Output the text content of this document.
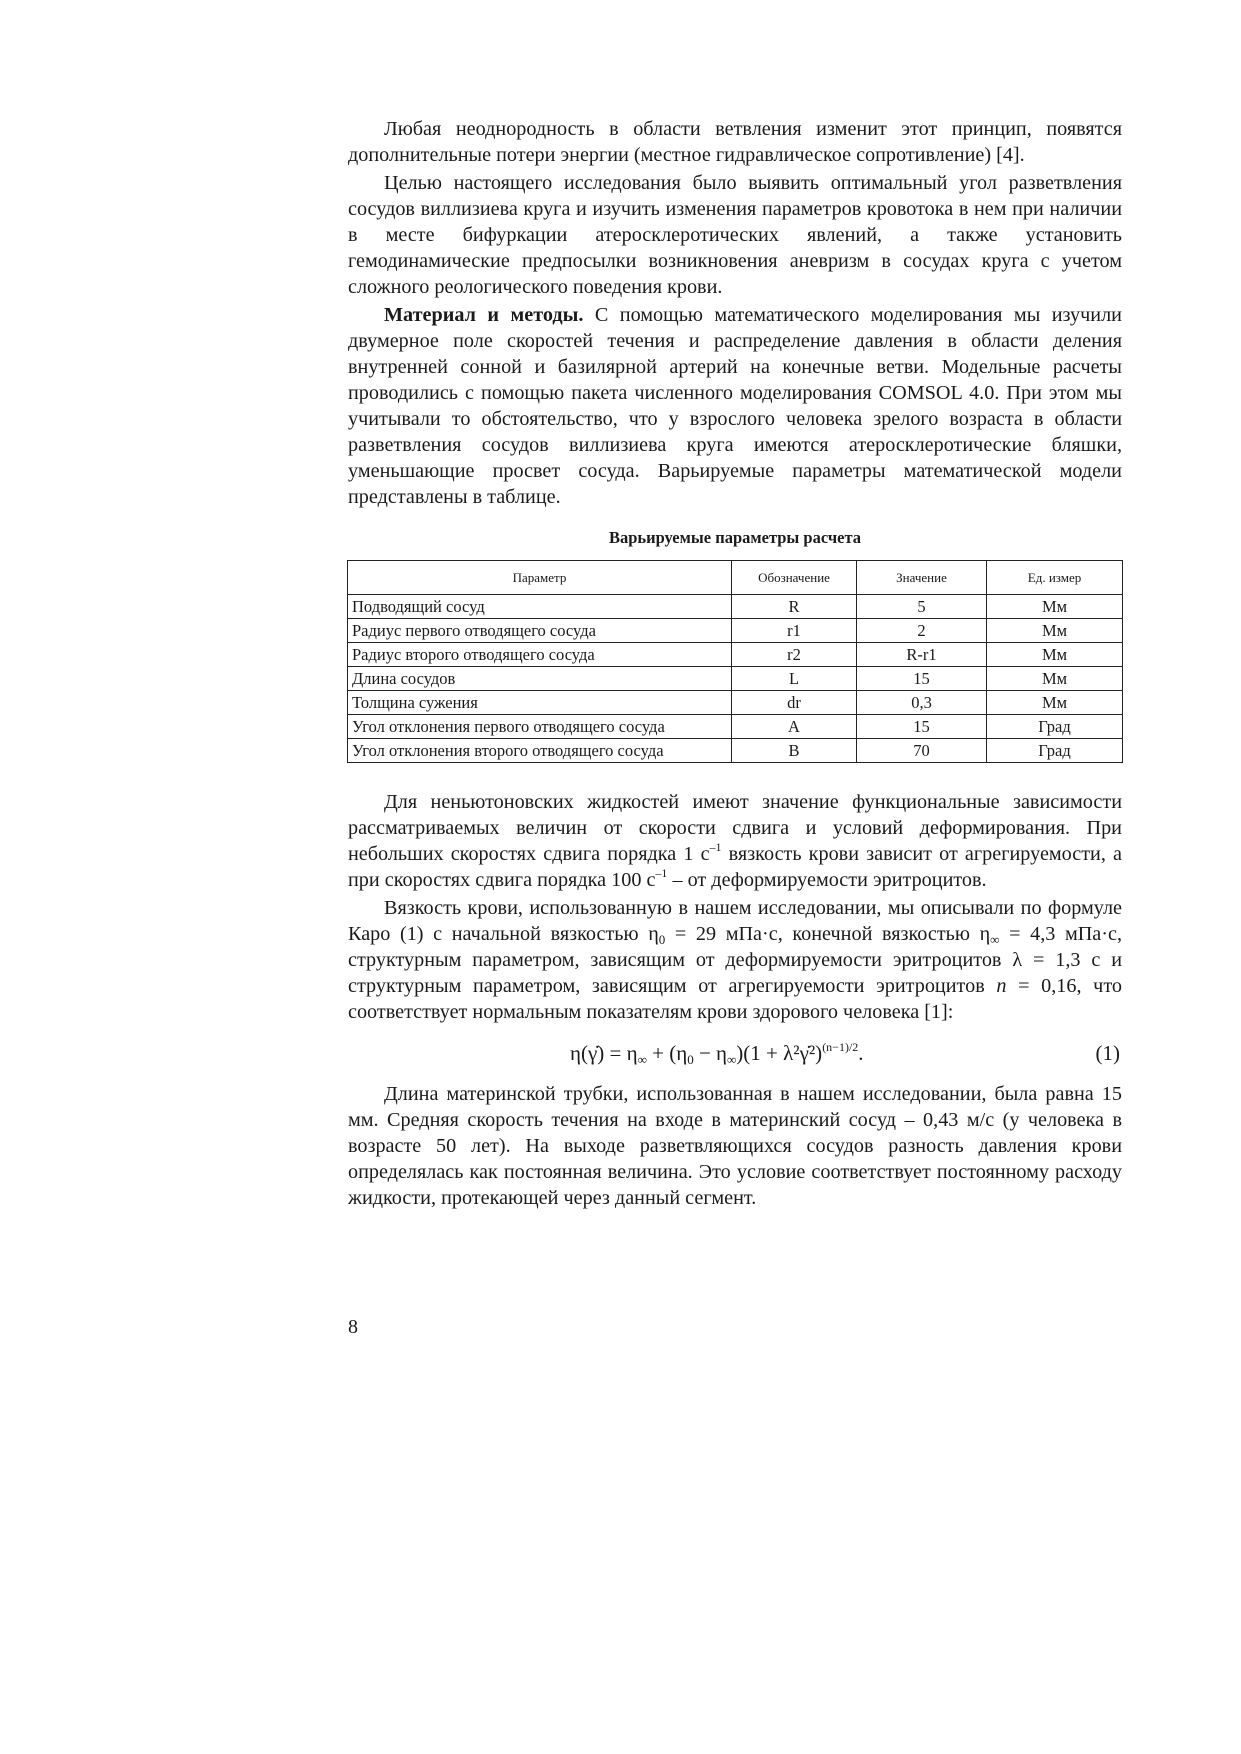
Любая неоднородность в области ветвления изменит этот принцип, появятся дополнительные потери энергии (местное гидравлическое сопротивление) [4].

Целью настоящего исследования было выявить оптимальный угол разветвления сосудов виллизиева круга и изучить изменения параметров кровотока в нем при наличии в месте бифуркации атеросклеротических явлений, а также установить гемодинамические предпосылки возникновения аневризм в сосудах круга с учетом сложного реологического поведения крови.

Материал и методы. С помощью математического моделирования мы изучили двумерное поле скоростей течения и распределение давления в области деления внутренней сонной и базилярной артерий на конечные ветви. Модельные расчеты проводились с помощью пакета численного моделирования COMSOL 4.0. При этом мы учитывали то обстоятельство, что у взрослого человека зрелого возраста в области разветвления сосудов виллизиева круга имеются атеросклеротические бляшки, уменьшающие просвет сосуда. Варьируемые параметры математической модели представлены в таблице.

Варьируемые параметры расчета
Параметр	Обозначение	Значение	Ед. измер
Подводящий сосуд	R	5	Мм
Радиус первого отводящего сосуда	r1	2	Мм
Радиус второго отводящего сосуда	r2	R-r1	Мм
Длина сосудов	L	15	Мм
Толщина сужения	dr	0,3	Мм
Угол отклонения первого отводящего сосуда	A	15	Град
Угол отклонения второго отводящего сосуда	B	70	Град

Для неньютоновских жидкостей имеют значение функциональные зависимости рассматриваемых величин от скорости сдвига и условий деформирования. При небольших скоростях сдвига порядка 1 $с^{-1}$ вязкость крови зависит от агрегируемости, а при скоростях сдвига порядка 100 $с^{-1}$ – от деформируемости эритроцитов.

Вязкость крови, использованную в нашем исследовании, мы описывали по формуле Каро (1) с начальной вязкостью $\eta_0 = 29$ мПа·с, конечной вязкостью $\eta_\infty = 4,3$ мПа·с, структурным параметром, зависящим от деформируемости эритроцитов λ = 1,3 с и структурным параметром, зависящим от агрегируемости эритроцитов n = 0,16, что соответствует нормальным показателям крови здорового человека [1]:

η(γ̇) = $\eta_\infty + (\eta_0 - \eta_\infty)(1$ + λ²γ̇²)$^{(n-1)/2}$.	(1)

Длина материнской трубки, использованная в нашем исследовании, была равна 15 мм. Средняя скорость течения на входе в материнский сосуд – 0,43 м/с (у человека в возрасте 50 лет). На выходе разветвляющихся сосудов разность давления крови определялась как постоянная величина. Это условие соответствует постоянному расходу жидкости, протекающей через данный сегмент.

8
